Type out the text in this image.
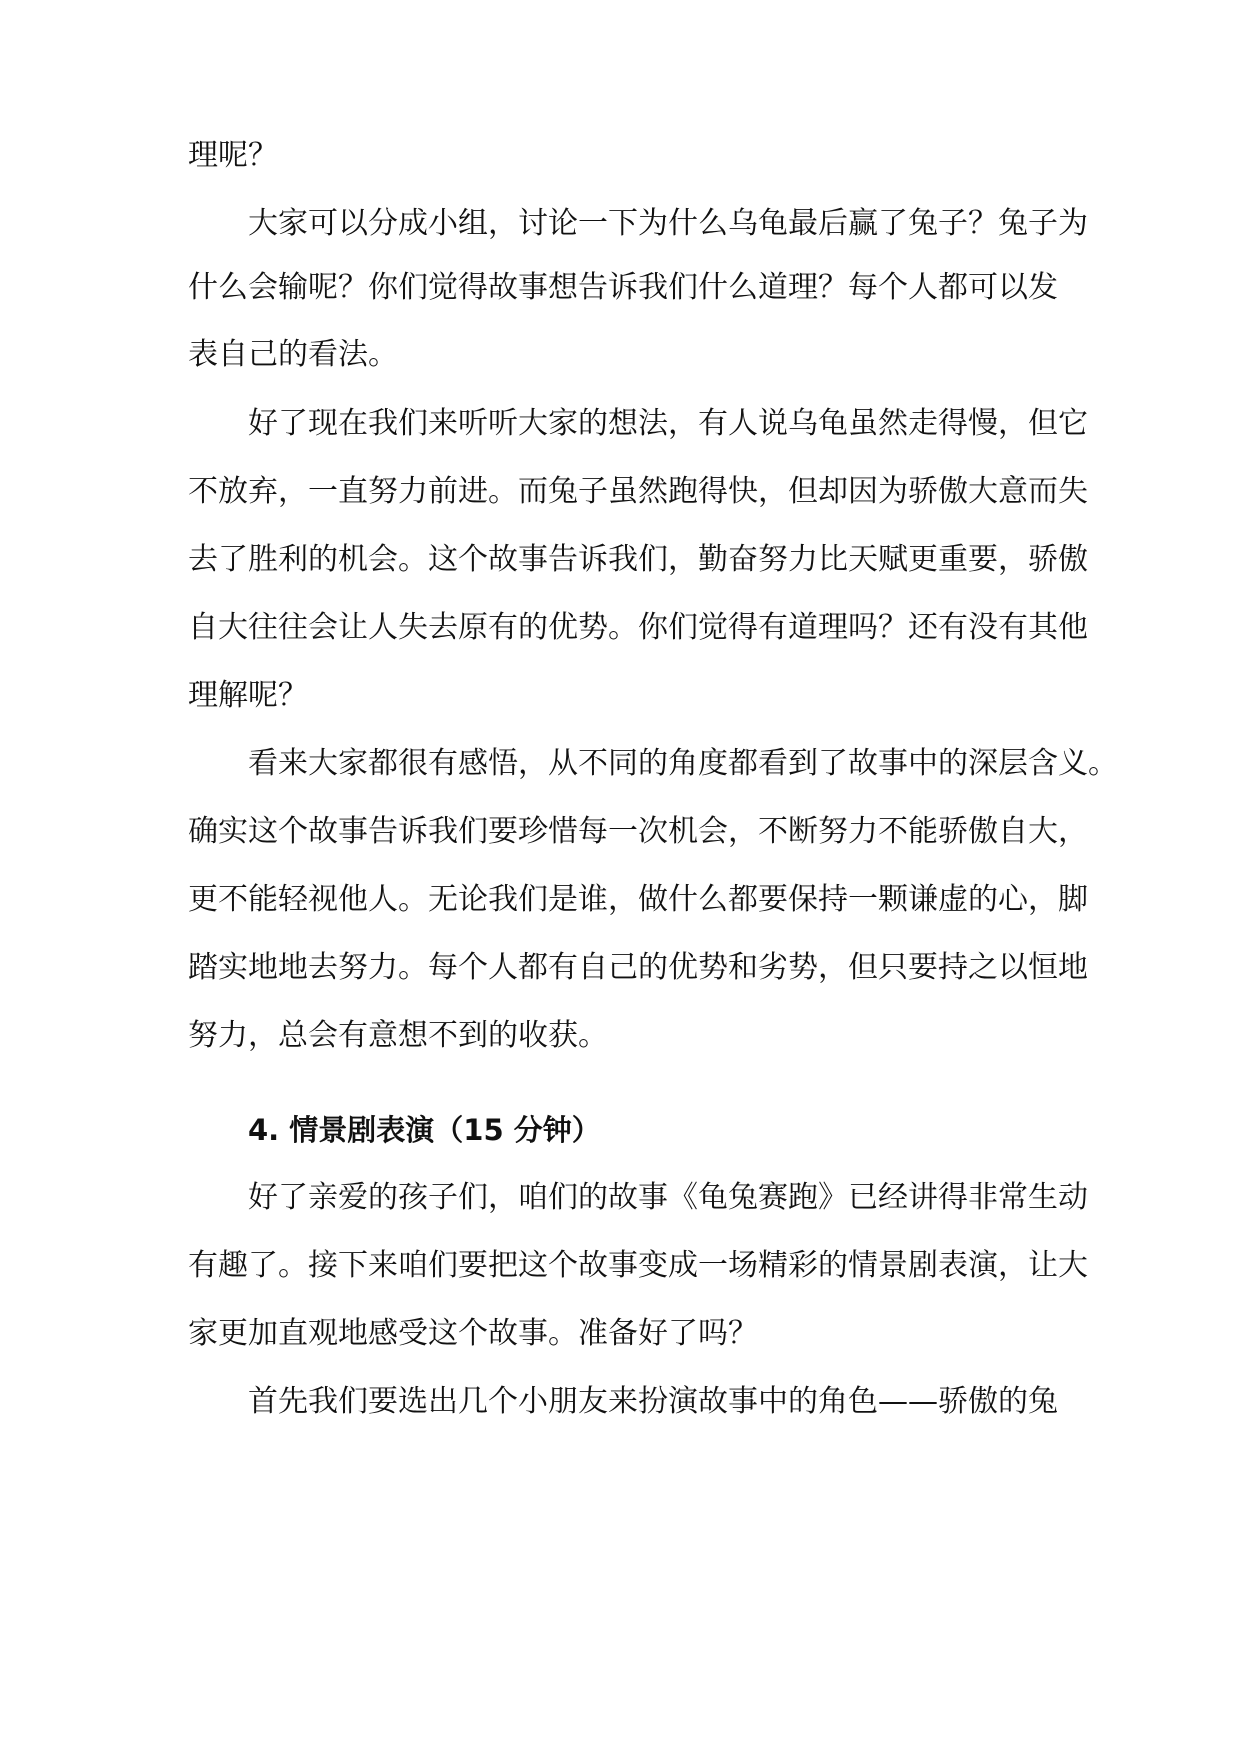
理呢？
大家可以分成小组，讨论一下为什么乌龟最后赢了兔子？兔子为
什么会输呢？你们觉得故事想告诉我们什么道理？每个人都可以发
表自己的看法。
好了现在我们来听听大家的想法，有人说乌龟虽然走得慢，但它
不放弃，一直努力前进。而兔子虽然跑得快，但却因为骄傲大意而失
去了胜利的机会。这个故事告诉我们，勤奋努力比天赋更重要，骄傲
自大往往会让人失去原有的优势。你们觉得有道理吗？还有没有其他
理解呢？
看来大家都很有感悟，从不同的角度都看到了故事中的深层含义。
确实这个故事告诉我们要珍惜每一次机会，不断努力不能骄傲自大，
更不能轻视他人。无论我们是谁，做什么都要保持一颗谦虚的心，脚
踏实地地去努力。每个人都有自己的优势和劣势，但只要持之以恒地
努力，总会有意想不到的收获。
4. 情景剧表演（15 分钟）
好了亲爱的孩子们，咱们的故事《龟兔赛跑》已经讲得非常生动
有趣了。接下来咱们要把这个故事变成一场精彩的情景剧表演，让大
家更加直观地感受这个故事。准备好了吗？
首先我们要选出几个小朋友来扮演故事中的角色——骄傲的兔
